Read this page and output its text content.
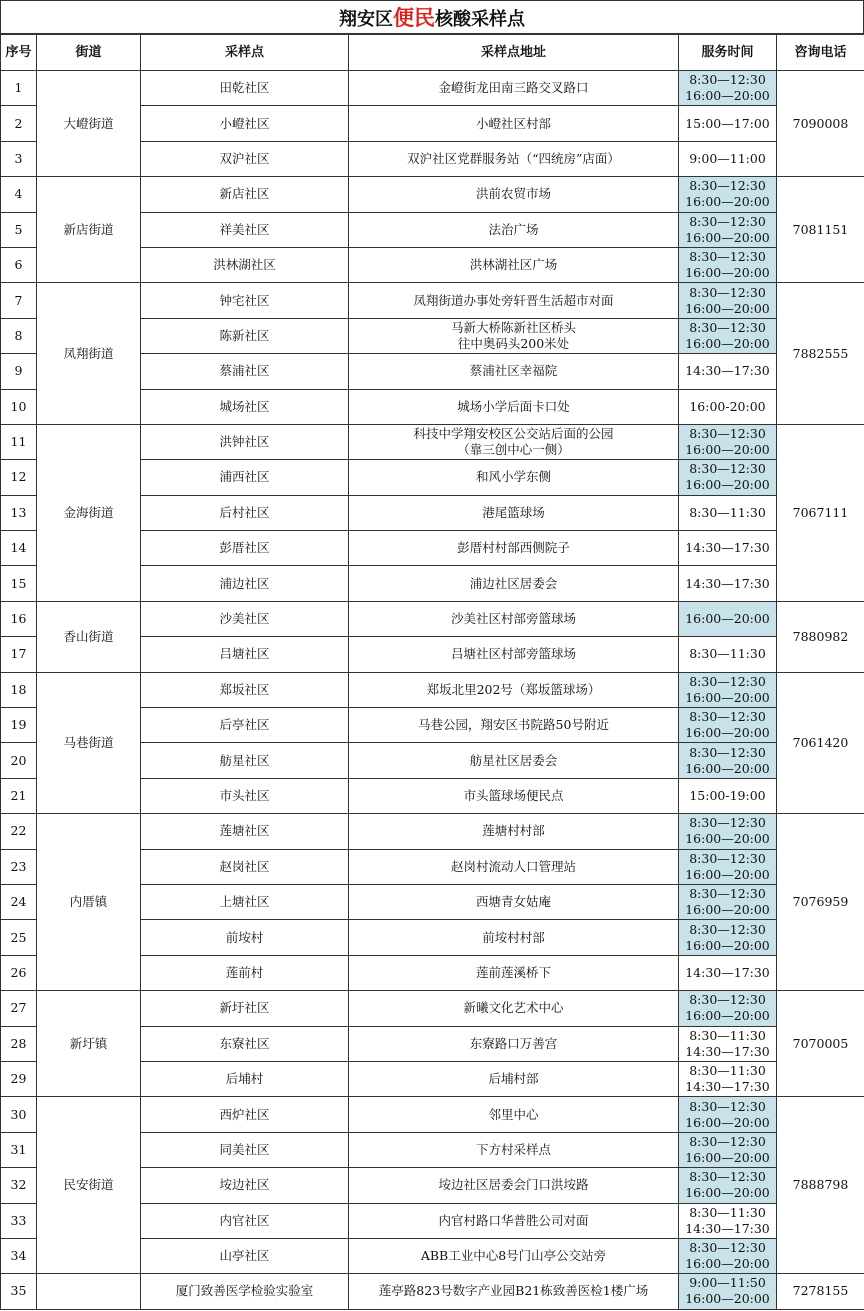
翔安区便民核酸采样点
序号	街道	采样点	采样点地址	服务时间	咨询电话
1	大嶝街道	田乾社区	金嶝街龙田南三路交叉路口	8:30—12:30
16:00—20:00	7090008
2		小嶝社区	小嶝社区村部	15:00—17:00	

3		双沪社区	双沪社区党群服务站（“四统房”店面）	9:00—11:00	

4	新店街道	新店社区	洪前农贸市场	8:30—12:30
16:00—20:00	7081151
5		祥美社区	法治广场	8:30—12:30
16:00—20:00	

6		洪林湖社区	洪林湖社区广场	8:30—12:30
16:00—20:00	

7	凤翔街道	钟宅社区	凤翔街道办事处旁轩晋生活超市对面	8:30—12:30
16:00—20:00	7882555
8		陈新社区	马新大桥陈新社区桥头
往中奥码头200米处	8:30—12:30
16:00—20:00	

9		蔡浦社区	蔡浦社区幸福院	14:30—17:30	

10		城场社区	城场小学后面卡口处	16:00-20:00	

11	金海街道	洪钟社区	科技中学翔安校区公交站后面的公园
（靠三创中心一侧）	8:30—12:30
16:00—20:00	7067111
12		浦西社区	和风小学东侧	8:30—12:30
16:00—20:00	

13		后村社区	港尾篮球场	8:30—11:30	

14		彭厝社区	彭厝村村部西侧院子	14:30—17:30	

15		浦边社区	浦边社区居委会	14:30—17:30	

16	香山街道	沙美社区	沙美社区村部旁篮球场	16:00—20:00	7880982
17		吕塘社区	吕塘社区村部旁篮球场	8:30—11:30	

18	马巷街道	郑坂社区	郑坂北里202号（郑坂篮球场）	8:30—12:30
16:00—20:00	7061420
19		后亭社区	马巷公园，翔安区书院路50号附近	8:30—12:30
16:00—20:00	

20		舫星社区	舫星社区居委会	8:30—12:30
16:00—20:00	

21		市头社区	市头篮球场便民点	15:00-19:00	

22	内厝镇	莲塘社区	莲塘村村部	8:30—12:30
16:00—20:00	7076959
23		赵岗社区	赵岗村流动人口管理站	8:30—12:30
16:00—20:00	

24		上塘社区	西塘青女姑庵	8:30—12:30
16:00—20:00	

25		前垵村	前垵村村部	8:30—12:30
16:00—20:00	

26		莲前村	莲前莲溪桥下	14:30—17:30	

27	新圩镇	新圩社区	新曦文化艺术中心	8:30—12:30
16:00—20:00	7070005
28		东寮社区	东寮路口万善宫	8:30—11:30
14:30—17:30	

29		后埔村	后埔村部	8:30—11:30
14:30—17:30	

30	民安街道	西炉社区	邻里中心	8:30—12:30
16:00—20:00	7888798
31		同美社区	下方村采样点	8:30—12:30
16:00—20:00	

32		垵边社区	垵边社区居委会门口洪垵路	8:30—12:30
16:00—20:00	

33		内官社区	内官村路口华普胜公司对面	8:30—11:30
14:30—17:30	

34		山亭社区	ABB工业中心8号门山亭公交站旁	8:30—12:30
16:00—20:00	

35		厦门致善医学检验实验室	莲亭路823号数字产业园B21栋致善医检1楼广场	9:00—11:50
16:00—20:00	7278155
